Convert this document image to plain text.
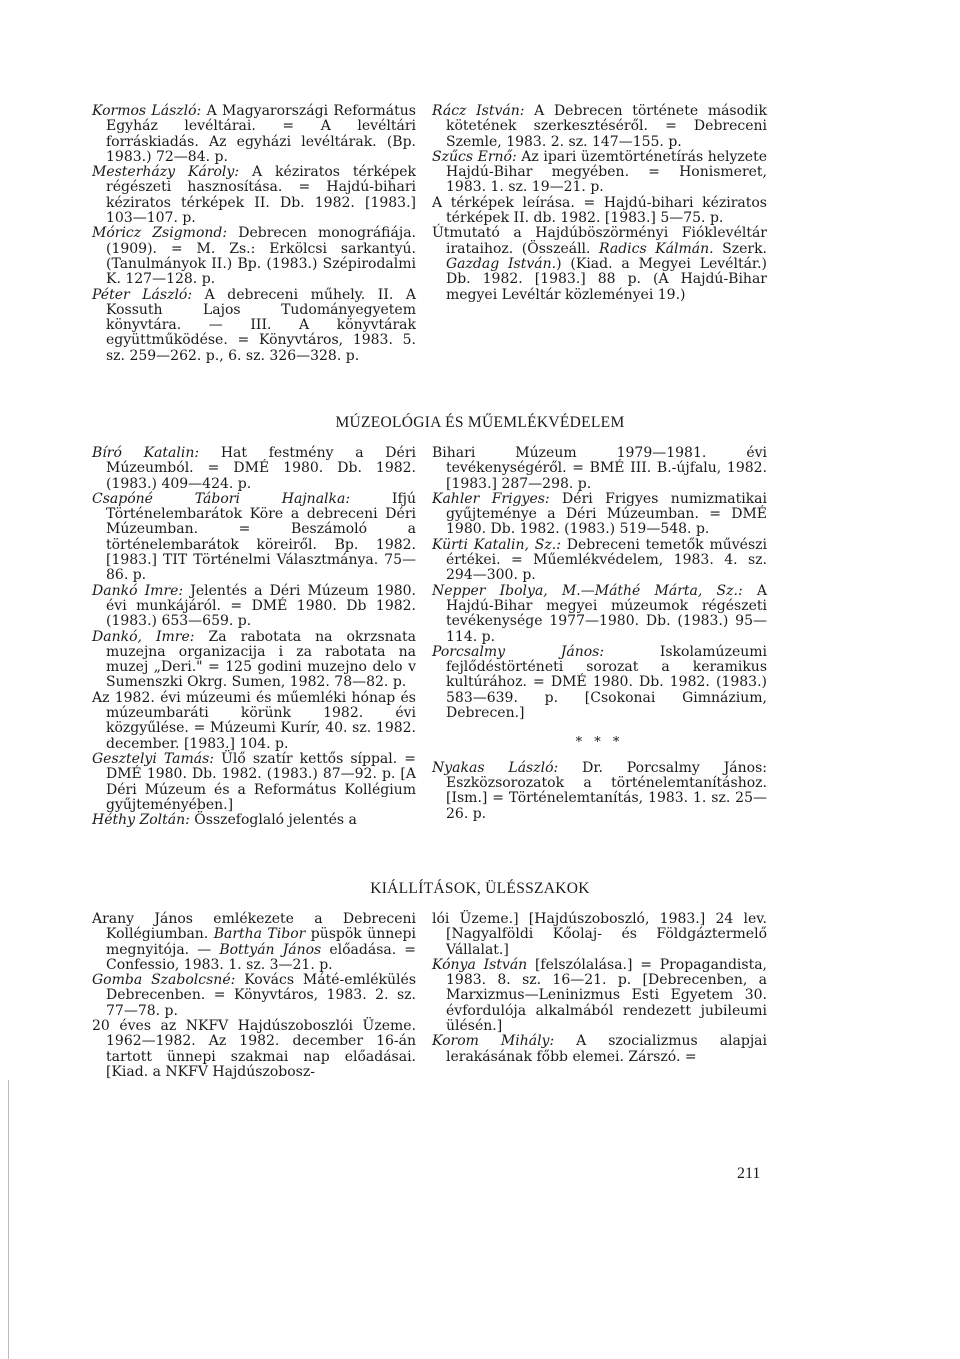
Kormos László: A Magyarországi Református Egyház levéltárai. = A levéltári forráskiadás. Az egyházi levéltárak. (Bp. 1983.) 72—84. p.

Mesterházy Károly: A kéziratos térképek régészeti hasznosítása. = Hajdú-bihari kéziratos térképek II. Db. 1982. [1983.] 103—107. p.

Móricz Zsigmond: Debrecen monográfiája. (1909). = M. Zs.: Erkölcsi sarkantyú. (Tanulmányok II.) Bp. (1983.) Szépirodalmi K. 127—128. p.

Péter László: A debreceni műhely. II. A Kossuth Lajos Tudományegyetem könyvtára. — III. A könyvtárak együttműködése. = Könyvtáros, 1983. 5. sz. 259—262. p., 6. sz. 326—328. p.

Rácz István: A Debrecen története második kötetének szerkesztéséről. = Debreceni Szemle, 1983. 2. sz. 147—155. p.

Szűcs Ernő: Az ipari üzemtörténetírás helyzete Hajdú-Bihar megyében. = Honismeret, 1983. 1. sz. 19—21. p.

A térképek leírása. = Hajdú-bihari kéziratos térképek II. db. 1982. [1983.] 5—75. p.

Útmutató a Hajdúböszörményi Fióklevéltár irataihoz. (Összeáll. Radics Kálmán. Szerk. Gazdag István.) (Kiad. a Megyei Levéltár.) Db. 1982. [1983.] 88 p. (A Hajdú-Bihar megyei Levéltár közleményei 19.)

MÚZEOLÓGIA ÉS MŰEMLÉKVÉDELEM

Bíró Katalin: Hat festmény a Déri Múzeumból. = DMÉ 1980. Db. 1982. (1983.) 409—424. p.

Csapóné Tábori Hajnalka: Ifjú Történelembarátok Köre a debreceni Déri Múzeumban. = Beszámoló a történelembarátok köreiről. Bp. 1982. [1983.] TIT Történelmi Választmánya. 75—86. p.

Dankó Imre: Jelentés a Déri Múzeum 1980. évi munkájáról. = DMÉ 1980. Db 1982. (1983.) 653—659. p.

Dankó, Imre: Za rabotata na okrzsnata muzejna organizacija i za rabotata na muzej „Deri." = 125 godini muzejno delo v Sumenszki Okrg. Sumen, 1982. 78—82. p.

Az 1982. évi múzeumi és műemléki hónap és múzeumbaráti körünk 1982. évi közgyűlése. = Múzeumi Kurír, 40. sz. 1982. december. [1983.] 104. p.

Gesztelyi Tamás: Ülő szatír kettős síppal. = DMÉ 1980. Db. 1982. (1983.) 87—92. p. [A Déri Múzeum és a Református Kollégium gyűjteményében.]

Héthy Zoltán: Összefoglaló jelentés a

Bihari Múzeum 1979—1981. évi tevékenységéről. = BMÉ III. B.-újfalu, 1982. [1983.] 287—298. p.

Kahler Frigyes: Déri Frigyes numizmatikai gyűjteménye a Déri Múzeumban. = DMÉ 1980. Db. 1982. (1983.) 519—548. p.

Kürti Katalin, Sz.: Debreceni temetők művészi értékei. = Műemlékvédelem, 1983. 4. sz. 294—300. p.

Nepper Ibolya, M.—Máthé Márta, Sz.: A Hajdú-Bihar megyei múzeumok régészeti tevékenysége 1977—1980. Db. (1983.) 95—114. p.

Porcsalmy János: Iskolamúzeumi fejlődéstörténeti sorozat a keramikus kultúrához. = DMÉ 1980. Db. 1982. (1983.) 583—639. p. [Csokonai Gimnázium, Debrecen.]

* * *

Nyakas László: Dr. Porcsalmy János: Eszközsorozatok a történelemtanításhoz. [Ism.] = Történelemtanítás, 1983. 1. sz. 25—26. p.

KIÁLLÍTÁSOK, ÜLÉSSZAKOK

Arany János emlékezete a Debreceni Kollégiumban. Bartha Tibor püspök ünnepi megnyitója. — Bottyán János előadása. = Confessio, 1983. 1. sz. 3—21. p.

Gomba Szabolcsné: Kovács Máté-emlékülés Debrecenben. = Könyvtáros, 1983. 2. sz. 77—78. p.

20 éves az NKFV Hajdúszoboszlói Üzeme. 1962—1982. Az 1982. december 16-án tartott ünnepi szakmai nap előadásai. [Kiad. a NKFV Hajdúszobosz-

lói Üzeme.] [Hajdúszoboszló, 1983.] 24 lev. [Nagyalföldi Kőolaj- és Földgáztermelő Vállalat.]

Kónya István [felszólalása.] = Propagandista, 1983. 8. sz. 16—21. p. [Debrecenben, a Marxizmus—Leninizmus Esti Egyetem 30. évfordulója alkalmából rendezett jubileumi ülésén.]

Korom Mihály: A szocializmus alapjai lerakásának főbb elemei. Zárszó. =

211
